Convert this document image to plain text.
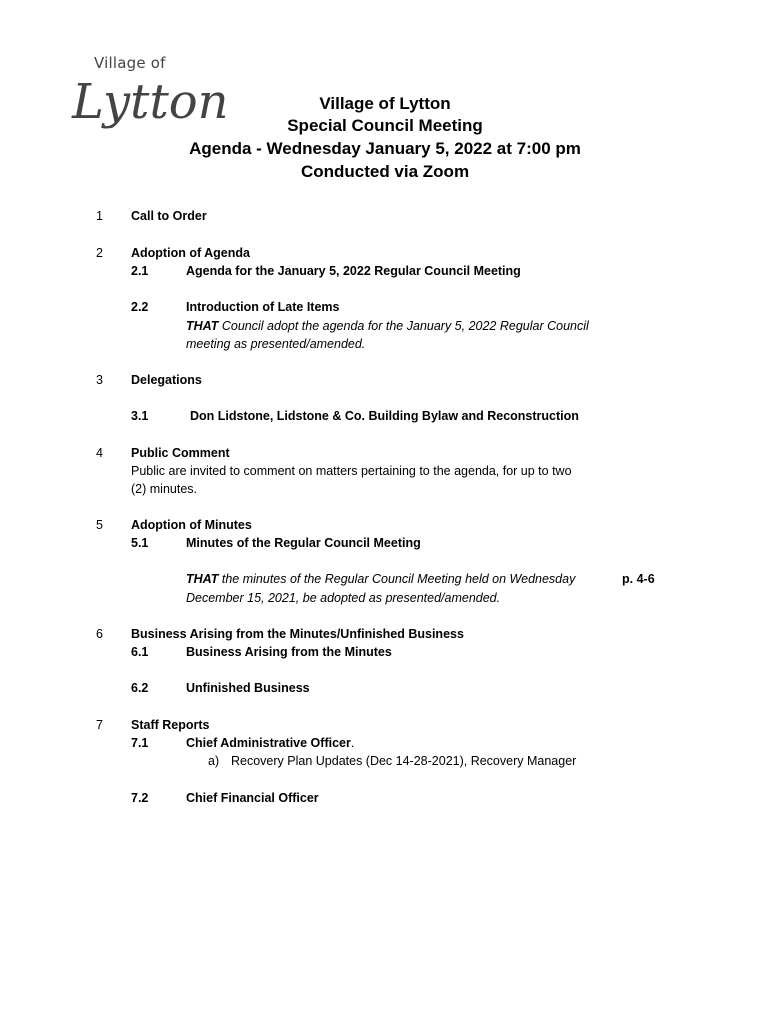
Village of
Lytton	Village of Lytton
Special Council Meeting
Agenda - Wednesday January 5, 2022 at 7:00 pm
Conducted via Zoom
1 Call to Order
2 Adoption of Agenda
2.1	Agenda for the January 5, 2022 Regular Council Meeting
2.2	Introduction of Late Items
THAT Council adopt the agenda for the January 5, 2022 Regular Council
meeting as presented/amended.
3 Delegations
3.1	Don Lidstone, Lidstone & Co. Building Bylaw and Reconstruction
4 Public Comment
Public are invited to comment on matters pertaining to the agenda, for up to two
(2) minutes.
5 Adoption of Minutes
5.1	Minutes of the Regular Council Meeting
THAT the minutes of the Regular Council Meeting held on Wednesday	p. 4-6
December 15, 2021, be adopted as presented/amended.
6 Business Arising from the Minutes/Unfinished Business
6.1	Business Arising from the Minutes
6.2	Unfinished Business
7 Staff Reports
7.1	Chief Administrative Officer.
a) Recovery Plan Updates (Dec 14-28-2021), Recovery Manager
7.2	Chief Financial Officer
